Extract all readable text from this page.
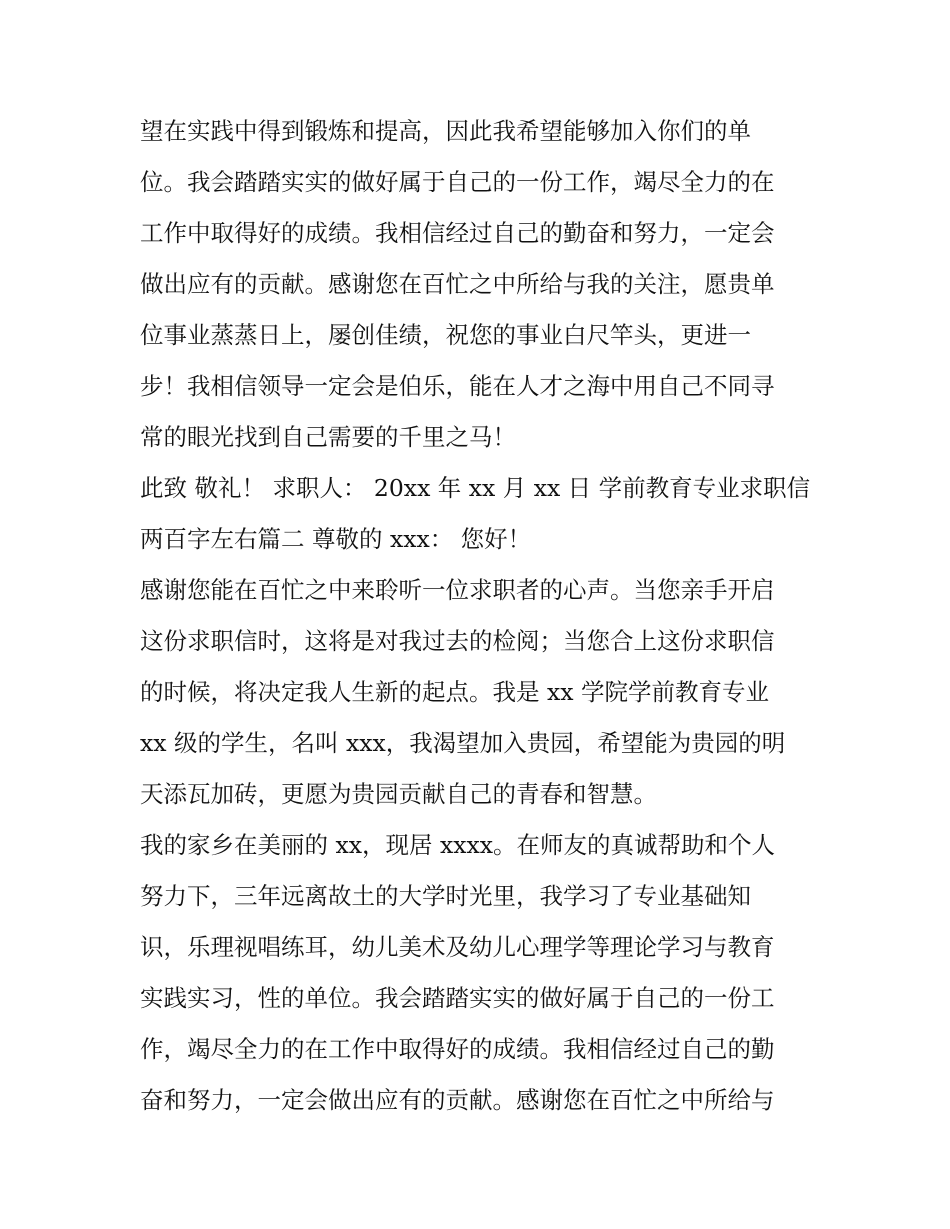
望在实践中得到锻炼和提高，因此我希望能够加入你们的单
位。我会踏踏实实的做好属于自己的一份工作，竭尽全力的在
工作中取得好的成绩。我相信经过自己的勤奋和努力，一定会
做出应有的贡献。感谢您在百忙之中所给与我的关注，愿贵单
位事业蒸蒸日上，屡创佳绩，祝您的事业白尺竿头，更进一
步！我相信领导一定会是伯乐，能在人才之海中用自己不同寻
常的眼光找到自己需要的千里之马！
此致 敬礼！ 求职人： 20xx 年 xx 月 xx 日 学前教育专业求职信
两百字左右篇二 尊敬的 xxx： 您好！
感谢您能在百忙之中来聆听一位求职者的心声。当您亲手开启
这份求职信时，这将是对我过去的检阅；当您合上这份求职信
的时候，将决定我人生新的起点。我是 xx 学院学前教育专业
xx 级的学生，名叫 xxx，我渴望加入贵园，希望能为贵园的明
天添瓦加砖，更愿为贵园贡献自己的青春和智慧。
我的家乡在美丽的 xx，现居 xxxx。在师友的真诚帮助和个人
努力下，三年远离故土的大学时光里，我学习了专业基础知
识，乐理视唱练耳，幼儿美术及幼儿心理学等理论学习与教育
实践实习，性的单位。我会踏踏实实的做好属于自己的一份工
作，竭尽全力的在工作中取得好的成绩。我相信经过自己的勤
奋和努力，一定会做出应有的贡献。感谢您在百忙之中所给与
